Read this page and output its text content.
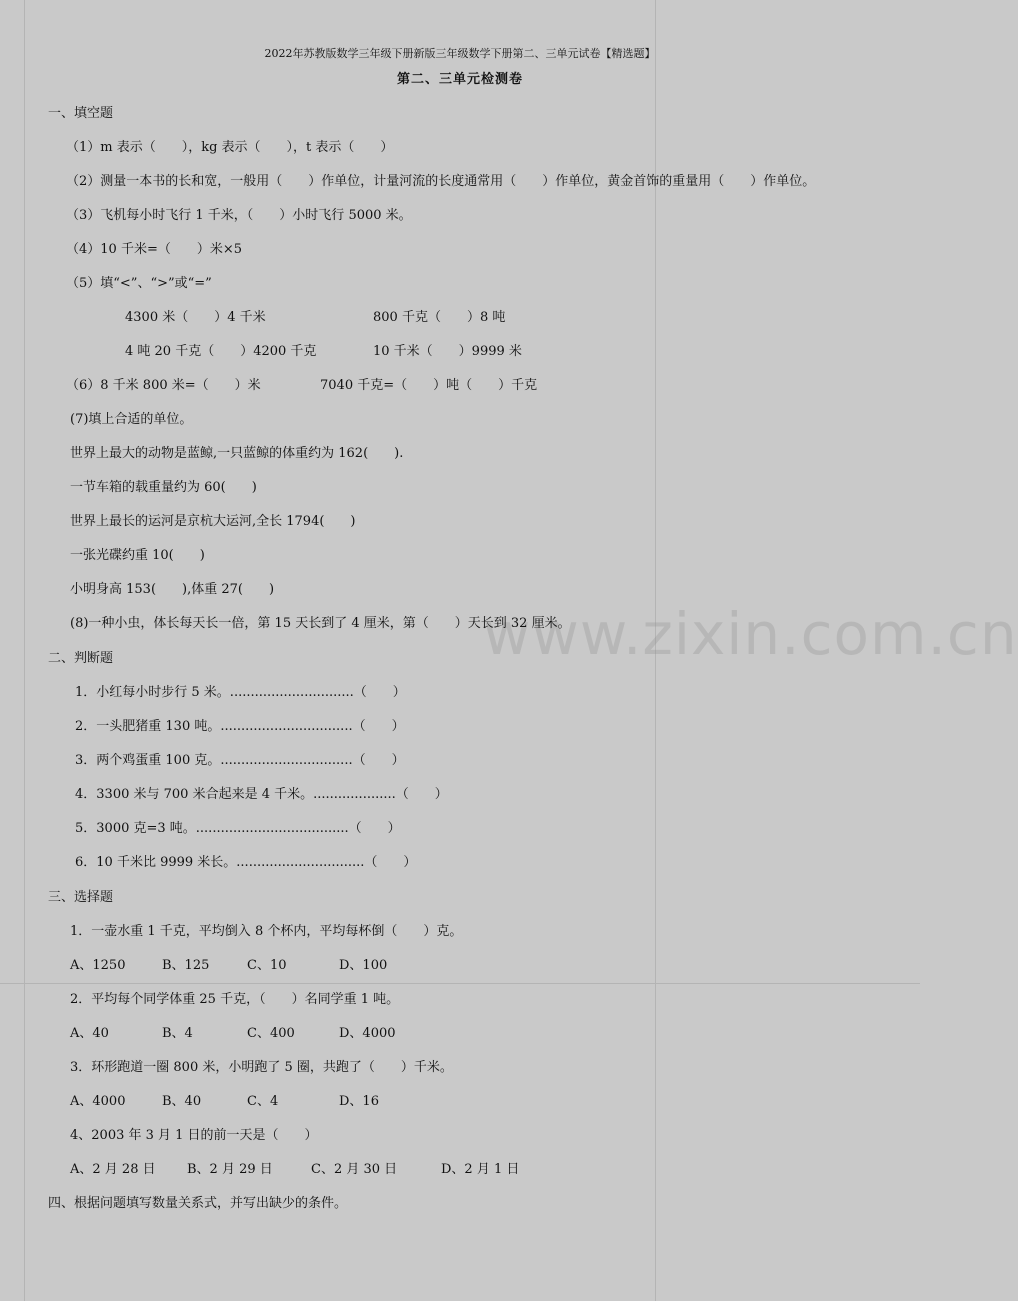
www.zixin.com.cn
2022年苏教版数学三年级下册新版三年级数学下册第二、三单元试卷【精选题】
第二、三单元检测卷
一、填空题
（1）m 表示（　　），kg 表示（　　），t 表示（　　）
（2）测量一本书的长和宽，一般用（　　）作单位，计量河流的长度通常用（　　）作单位，黄金首饰的重量用（　　）作单位。
（3）飞机每小时飞行 1 千米，（　　）小时飞行 5000 米。
（4）10 千米=（　　）米×5
（5）填“<”、“>”或“=”
4300 米（　　）4 千米	800 千克（　　）8 吨
4 吨 20 千克（　　）4200 千克	10 千米（　　）9999 米
（6）8 千米 800 米=（　　）米	7040 千克=（　　）吨（　　）千克
(7)填上合适的单位。
世界上最大的动物是蓝鲸,一只蓝鲸的体重约为 162(　　).
一节车箱的载重量约为 60(　　)
世界上最长的运河是京杭大运河,全长 1794(　　)
一张光碟约重 10(　　)
小明身高 153(　　),体重 27(　　)
(8)一种小虫，体长每天长一倍，第 15 天长到了 4 厘米，第（　　）天长到 32 厘米。
二、判断题
1．小红每小时步行 5 米。..............................（　　）
2．一头肥猪重 130 吨。................................（　　）
3．两个鸡蛋重 100 克。................................（　　）
4．3300 米与 700 米合起来是 4 千米。....................（　　）
5．3000 克=3 吨。.....................................（　　）
6．10 千米比 9999 米长。...............................（　　）
三、选择题
1．一壶水重 1 千克，平均倒入 8 个杯内，平均每杯倒（　　）克。
A、1250	B、125	C、10	D、100
2．平均每个同学体重 25 千克，（　　）名同学重 1 吨。
A、40	B、4	C、400	D、4000
3．环形跑道一圈 800 米，小明跑了 5 圈，共跑了（　　）千米。
A、4000	B、40	C、4	D、16
4、2003 年 3 月 1 日的前一天是（　　）
A、2 月 28 日 B、2 月 29 日	C、2 月 30 日	D、2 月 1 日
四、根据问题填写数量关系式，并写出缺少的条件。
